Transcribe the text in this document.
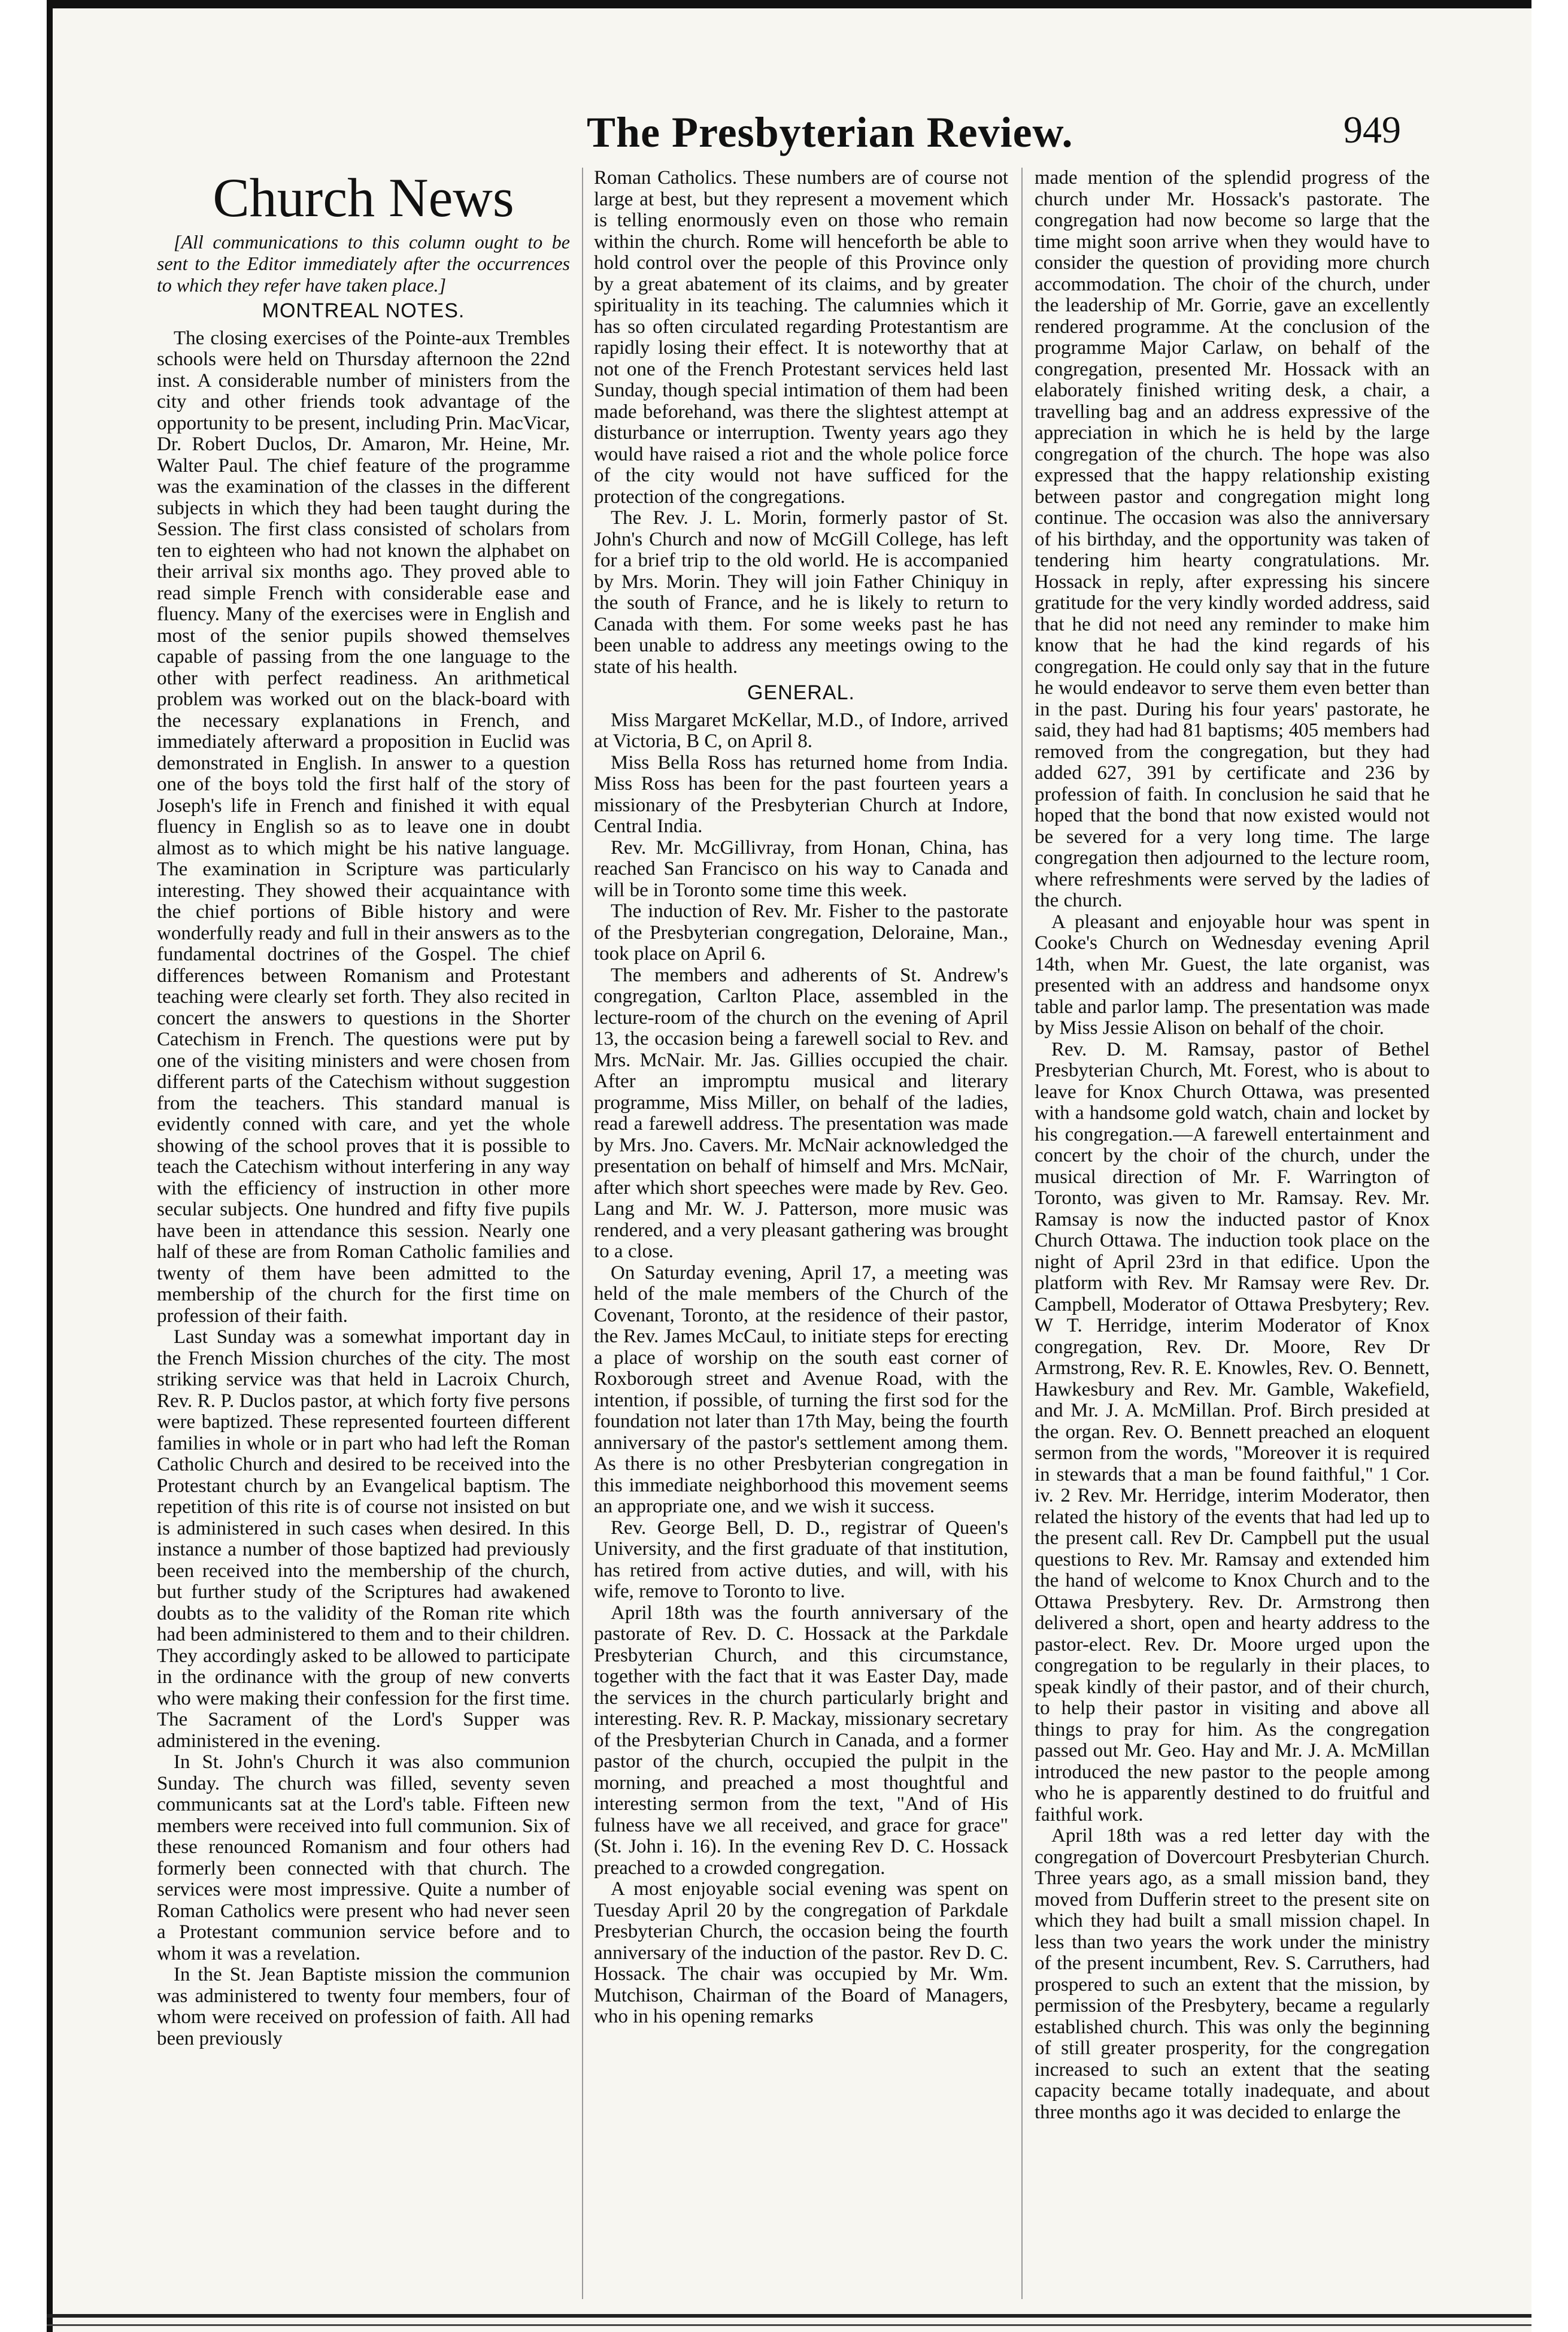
The Presbyterian Review.	949
Church News

[All communications to this column ought to be sent to the Editor immediately after the occurrences to which they refer have taken place.]

MONTREAL NOTES.

The closing exercises of the Pointe-aux Trembles schools were held on Thursday afternoon the 22nd inst. A considerable number of ministers from the city and other friends took advantage of the opportunity to be present, including Prin. MacVicar, Dr. Robert Duclos, Dr. Amaron, Mr. Heine, Mr. Walter Paul. The chief feature of the programme was the examination of the classes in the different subjects in which they had been taught during the Session. The first class consisted of scholars from ten to eighteen who had not known the alphabet on their arrival six months ago. They proved able to read simple French with considerable ease and fluency. Many of the exercises were in English and most of the senior pupils showed themselves capable of passing from the one language to the other with perfect readiness. An arithmetical problem was worked out on the black-board with the necessary explanations in French, and immediately afterward a proposition in Euclid was demonstrated in English. In answer to a question one of the boys told the first half of the story of Joseph's life in French and finished it with equal fluency in English so as to leave one in doubt almost as to which might be his native language. The examination in Scripture was particularly interesting. They showed their acquaintance with the chief portions of Bible history and were wonderfully ready and full in their answers as to the fundamental doctrines of the Gospel. The chief differences between Romanism and Protestant teaching were clearly set forth. They also recited in concert the answers to questions in the Shorter Catechism in French. The questions were put by one of the visiting ministers and were chosen from different parts of the Catechism without suggestion from the teachers. This standard manual is evidently conned with care, and yet the whole showing of the school proves that it is possible to teach the Catechism without interfering in any way with the efficiency of instruction in other more secular subjects. One hundred and fifty five pupils have been in attendance this session. Nearly one half of these are from Roman Catholic families and twenty of them have been admitted to the membership of the church for the first time on profession of their faith.

Last Sunday was a somewhat important day in the French Mission churches of the city. The most striking service was that held in Lacroix Church, Rev. R. P. Duclos pastor, at which forty five persons were baptized. These represented fourteen different families in whole or in part who had left the Roman Catholic Church and desired to be received into the Protestant church by an Evangelical baptism. The repetition of this rite is of course not insisted on but is administered in such cases when desired. In this instance a number of those baptized had previously been received into the membership of the church, but further study of the Scriptures had awakened doubts as to the validity of the Roman rite which had been administered to them and to their children. They accordingly asked to be allowed to participate in the ordinance with the group of new converts who were making their confession for the first time. The Sacrament of the Lord's Supper was administered in the evening.

In St. John's Church it was also communion Sunday. The church was filled, seventy seven communicants sat at the Lord's table. Fifteen new members were received into full communion. Six of these renounced Romanism and four others had formerly been connected with that church. The services were most impressive. Quite a number of Roman Catholics were present who had never seen a Protestant communion service before and to whom it was a revelation.

In the St. Jean Baptiste mission the communion was administered to twenty four members, four of whom were received on profession of faith. All had been previously

Roman Catholics. These numbers are of course not large at best, but they represent a movement which is telling enormously even on those who remain within the church. Rome will henceforth be able to hold control over the people of this Province only by a great abatement of its claims, and by greater spirituality in its teaching. The calumnies which it has so often circulated regarding Protestantism are rapidly losing their effect. It is noteworthy that at not one of the French Protestant services held last Sunday, though special intimation of them had been made beforehand, was there the slightest attempt at disturbance or interruption. Twenty years ago they would have raised a riot and the whole police force of the city would not have sufficed for the protection of the congregations.

The Rev. J. L. Morin, formerly pastor of St. John's Church and now of McGill College, has left for a brief trip to the old world. He is accompanied by Mrs. Morin. They will join Father Chiniquy in the south of France, and he is likely to return to Canada with them. For some weeks past he has been unable to address any meetings owing to the state of his health.

GENERAL.

Miss Margaret McKellar, M.D., of Indore, arrived at Victoria, B C, on April 8.

Miss Bella Ross has returned home from India. Miss Ross has been for the past fourteen years a missionary of the Presbyterian Church at Indore, Central India.

Rev. Mr. McGillivray, from Honan, China, has reached San Francisco on his way to Canada and will be in Toronto some time this week.

The induction of Rev. Mr. Fisher to the pastorate of the Presbyterian congregation, Deloraine, Man., took place on April 6.

The members and adherents of St. Andrew's congregation, Carlton Place, assembled in the lecture-room of the church on the evening of April 13, the occasion being a farewell social to Rev. and Mrs. McNair. Mr. Jas. Gillies occupied the chair. After an impromptu musical and literary programme, Miss Miller, on behalf of the ladies, read a farewell address. The presentation was made by Mrs. Jno. Cavers. Mr. McNair acknowledged the presentation on behalf of himself and Mrs. McNair, after which short speeches were made by Rev. Geo. Lang and Mr. W. J. Patterson, more music was rendered, and a very pleasant gathering was brought to a close.

On Saturday evening, April 17, a meeting was held of the male members of the Church of the Covenant, Toronto, at the residence of their pastor, the Rev. James McCaul, to initiate steps for erecting a place of worship on the south east corner of Roxborough street and Avenue Road, with the intention, if possible, of turning the first sod for the foundation not later than 17th May, being the fourth anniversary of the pastor's settlement among them. As there is no other Presbyterian congregation in this immediate neighborhood this movement seems an appropriate one, and we wish it success.

Rev. George Bell, D. D., registrar of Queen's University, and the first graduate of that institution, has retired from active duties, and will, with his wife, remove to Toronto to live.

April 18th was the fourth anniversary of the pastorate of Rev. D. C. Hossack at the Parkdale Presbyterian Church, and this circumstance, together with the fact that it was Easter Day, made the services in the church particularly bright and interesting. Rev. R. P. Mackay, missionary secretary of the Presbyterian Church in Canada, and a former pastor of the church, occupied the pulpit in the morning, and preached a most thoughtful and interesting sermon from the text, "And of His fulness have we all received, and grace for grace" (St. John i. 16). In the evening Rev D. C. Hossack preached to a crowded congregation.

A most enjoyable social evening was spent on Tuesday April 20 by the congregation of Parkdale Presbyterian Church, the occasion being the fourth anniversary of the induction of the pastor. Rev D. C. Hossack. The chair was occupied by Mr. Wm. Mutchison, Chairman of the Board of Managers, who in his opening remarks

made mention of the splendid progress of the church under Mr. Hossack's pastorate. The congregation had now become so large that the time might soon arrive when they would have to consider the question of providing more church accommodation. The choir of the church, under the leadership of Mr. Gorrie, gave an excellently rendered programme. At the conclusion of the programme Major Carlaw, on behalf of the congregation, presented Mr. Hossack with an elaborately finished writing desk, a chair, a travelling bag and an address expressive of the appreciation in which he is held by the large congregation of the church. The hope was also expressed that the happy relationship existing between pastor and congregation might long continue. The occasion was also the anniversary of his birthday, and the opportunity was taken of tendering him hearty congratulations. Mr. Hossack in reply, after expressing his sincere gratitude for the very kindly worded address, said that he did not need any reminder to make him know that he had the kind regards of his congregation. He could only say that in the future he would endeavor to serve them even better than in the past. During his four years' pastorate, he said, they had had 81 baptisms; 405 members had removed from the congregation, but they had added 627, 391 by certificate and 236 by profession of faith. In conclusion he said that he hoped that the bond that now existed would not be severed for a very long time. The large congregation then adjourned to the lecture room, where refreshments were served by the ladies of the church.

A pleasant and enjoyable hour was spent in Cooke's Church on Wednesday evening April 14th, when Mr. Guest, the late organist, was presented with an address and handsome onyx table and parlor lamp. The presentation was made by Miss Jessie Alison on behalf of the choir.

Rev. D. M. Ramsay, pastor of Bethel Presbyterian Church, Mt. Forest, who is about to leave for Knox Church Ottawa, was presented with a handsome gold watch, chain and locket by his congregation.—A farewell entertainment and concert by the choir of the church, under the musical direction of Mr. F. Warrington of Toronto, was given to Mr. Ramsay. Rev. Mr. Ramsay is now the inducted pastor of Knox Church Ottawa. The induction took place on the night of April 23rd in that edifice. Upon the platform with Rev. Mr Ramsay were Rev. Dr. Campbell, Moderator of Ottawa Presbytery; Rev. W T. Herridge, interim Moderator of Knox congregation, Rev. Dr. Moore, Rev Dr Armstrong, Rev. R. E. Knowles, Rev. O. Bennett, Hawkesbury and Rev. Mr. Gamble, Wakefield, and Mr. J. A. McMillan. Prof. Birch presided at the organ. Rev. O. Bennett preached an eloquent sermon from the words, "Moreover it is required in stewards that a man be found faithful," 1 Cor. iv. 2 Rev. Mr. Herridge, interim Moderator, then related the history of the events that had led up to the present call. Rev Dr. Campbell put the usual questions to Rev. Mr. Ramsay and extended him the hand of welcome to Knox Church and to the Ottawa Presbytery. Rev. Dr. Armstrong then delivered a short, open and hearty address to the pastor-elect. Rev. Dr. Moore urged upon the congregation to be regularly in their places, to speak kindly of their pastor, and of their church, to help their pastor in visiting and above all things to pray for him. As the congregation passed out Mr. Geo. Hay and Mr. J. A. McMillan introduced the new pastor to the people among who he is apparently destined to do fruitful and faithful work.

April 18th was a red letter day with the congregation of Dovercourt Presbyterian Church. Three years ago, as a small mission band, they moved from Dufferin street to the present site on which they had built a small mission chapel. In less than two years the work under the ministry of the present incumbent, Rev. S. Carruthers, had prospered to such an extent that the mission, by permission of the Presbytery, became a regularly established church. This was only the beginning of still greater prosperity, for the congregation increased to such an extent that the seating capacity became totally inadequate, and about three months ago it was decided to enlarge the
